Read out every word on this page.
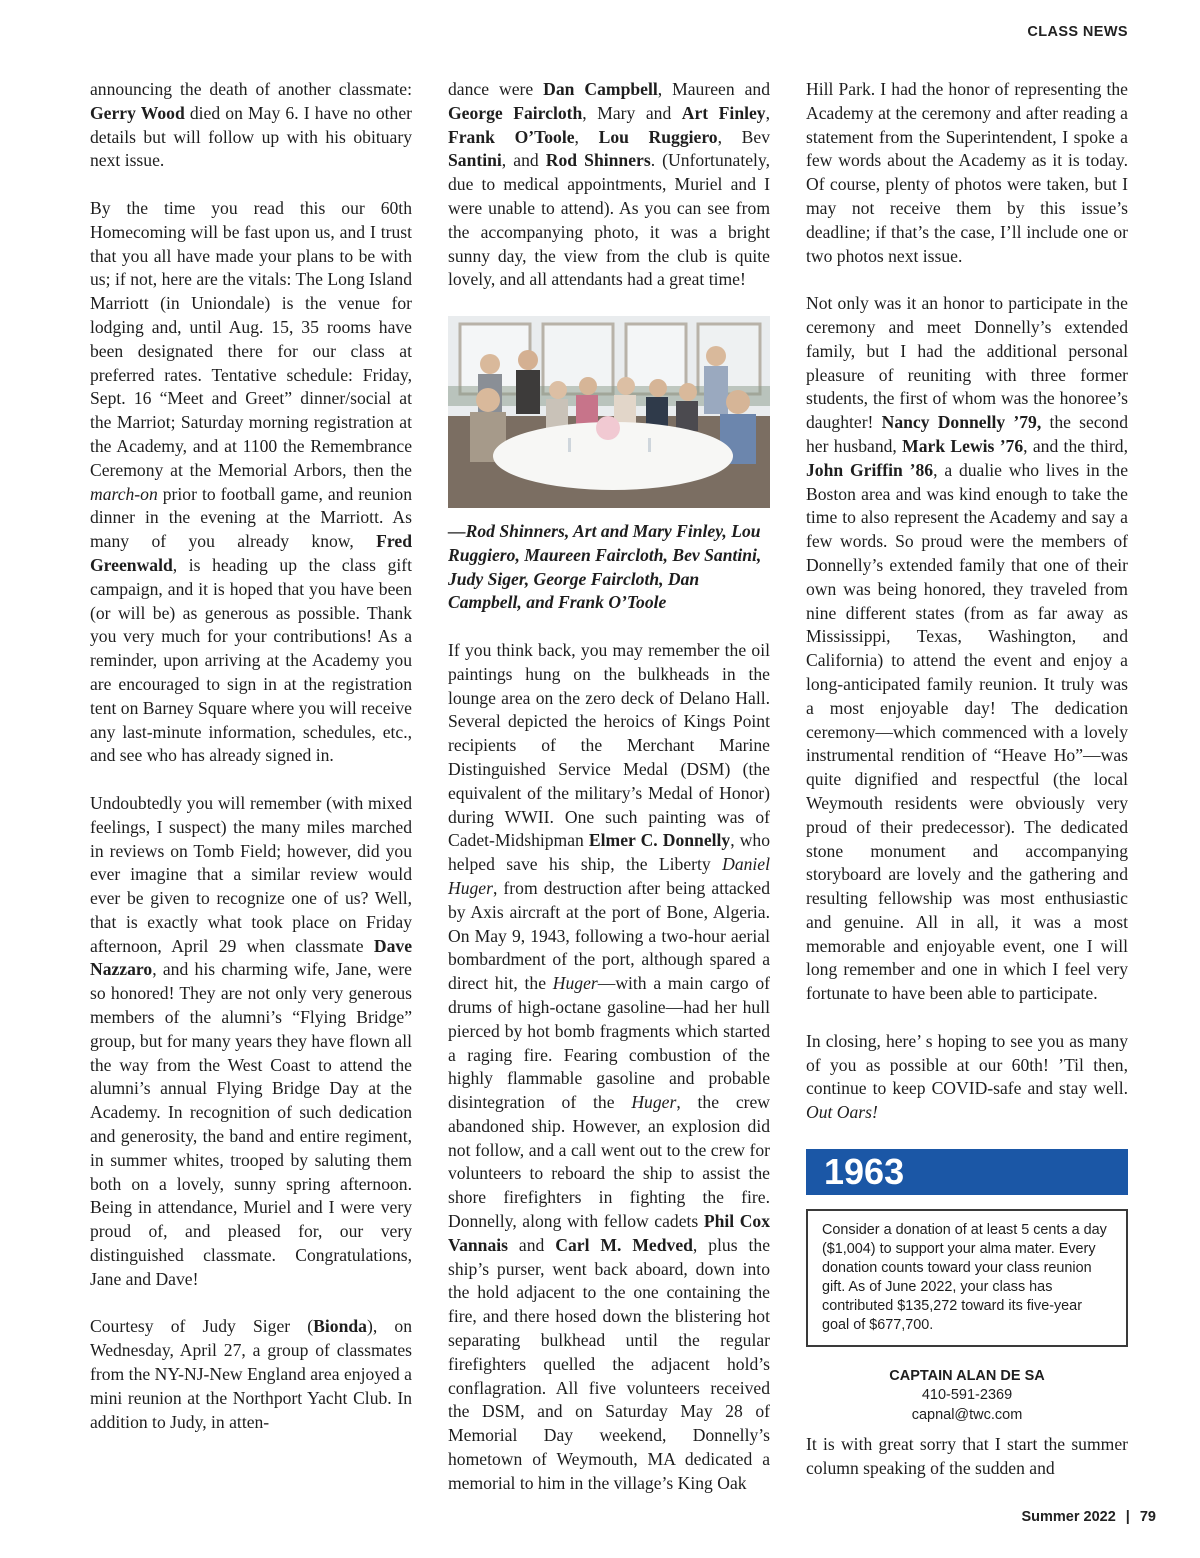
CLASS NEWS

announcing the death of another classmate: Gerry Wood died on May 6. I have no other details but will follow up with his obituary next issue.

By the time you read this our 60th Homecoming will be fast upon us, and I trust that you all have made your plans to be with us; if not, here are the vitals: The Long Island Marriott (in Uniondale) is the venue for lodging and, until Aug. 15, 35 rooms have been designated there for our class at preferred rates. Tentative schedule: Friday, Sept. 16 “Meet and Greet” dinner/social at the Marriot; Saturday morning registration at the Academy, and at 1100 the Remembrance Ceremony at the Memorial Arbors, then the march-on prior to football game, and reunion dinner in the evening at the Marriott. As many of you already know, Fred Greenwald, is heading up the class gift campaign, and it is hoped that you have been (or will be) as generous as possible. Thank you very much for your contributions! As a reminder, upon arriving at the Academy you are encouraged to sign in at the registration tent on Barney Square where you will receive any last-minute information, schedules, etc., and see who has already signed in.

Undoubtedly you will remember (with mixed feelings, I suspect) the many miles marched in reviews on Tomb Field; however, did you ever imagine that a similar review would ever be given to recognize one of us? Well, that is exactly what took place on Friday afternoon, April 29 when classmate Dave Nazzaro, and his charming wife, Jane, were so honored! They are not only very generous members of the alumni’s “Flying Bridge” group, but for many years they have flown all the way from the West Coast to attend the alumni’s annual Flying Bridge Day at the Academy. In recognition of such dedication and generosity, the band and entire regiment, in summer whites, trooped by saluting them both on a lovely, sunny spring afternoon. Being in attendance, Muriel and I were very proud of, and pleased for, our very distinguished classmate. Congratulations, Jane and Dave!

Courtesy of Judy Siger (Bionda), on Wednesday, April 27, a group of classmates from the NY-NJ-New England area enjoyed a mini reunion at the Northport Yacht Club. In addition to Judy, in atten-

dance were Dan Campbell, Maureen and George Faircloth, Mary and Art Finley, Frank O’Toole, Lou Ruggiero, Bev Santini, and Rod Shinners. (Unfortunately, due to medical appointments, Muriel and I were unable to attend). As you can see from the accompanying photo, it was a bright sunny day, the view from the club is quite lovely, and all attendants had a great time!

—Rod Shinners, Art and Mary Finley, Lou Ruggiero, Maureen Faircloth, Bev Santini, Judy Siger, George Faircloth, Dan Campbell, and Frank O’Toole

If you think back, you may remember the oil paintings hung on the bulkheads in the lounge area on the zero deck of Delano Hall. Several depicted the heroics of Kings Point recipients of the Merchant Marine Distinguished Service Medal (DSM) (the equivalent of the military’s Medal of Honor) during WWII. One such painting was of Cadet-Midshipman Elmer C. Donnelly, who helped save his ship, the Liberty Daniel Huger, from destruction after being attacked by Axis aircraft at the port of Bone, Algeria. On May 9, 1943, following a two-hour aerial bombardment of the port, although spared a direct hit, the Huger—with a main cargo of drums of high-octane gasoline—had her hull pierced by hot bomb fragments which started a raging fire. Fearing combustion of the highly flammable gasoline and probable disintegration of the Huger, the crew abandoned ship. However, an explosion did not follow, and a call went out to the crew for volunteers to reboard the ship to assist the shore firefighters in fighting the fire. Donnelly, along with fellow cadets Phil Cox Vannais and Carl M. Medved, plus the ship’s purser, went back aboard, down into the hold adjacent to the one containing the fire, and there hosed down the blistering hot separating bulkhead until the regular firefighters quelled the adjacent hold’s conflagration. All five volunteers received the DSM, and on Saturday May 28 of Memorial Day weekend, Donnelly’s hometown of Weymouth, MA dedicated a memorial to him in the village’s King Oak

Hill Park. I had the honor of representing the Academy at the ceremony and after reading a statement from the Superintendent, I spoke a few words about the Academy as it is today. Of course, plenty of photos were taken, but I may not receive them by this issue’s deadline; if that’s the case, I’ll include one or two photos next issue.

Not only was it an honor to participate in the ceremony and meet Donnelly’s extended family, but I had the additional personal pleasure of reuniting with three former students, the first of whom was the honoree’s daughter! Nancy Donnelly ’79, the second her husband, Mark Lewis ’76, and the third, John Griffin ’86, a dualie who lives in the Boston area and was kind enough to take the time to also represent the Academy and say a few words. So proud were the members of Donnelly’s extended family that one of their own was being honored, they traveled from nine different states (from as far away as Mississippi, Texas, Washington, and California) to attend the event and enjoy a long-anticipated family reunion. It truly was a most enjoyable day! The dedication ceremony—which commenced with a lovely instrumental rendition of “Heave Ho”—was quite dignified and respectful (the local Weymouth residents were obviously very proud of their predecessor). The dedicated stone monument and accompanying storyboard are lovely and the gathering and resulting fellowship was most enthusiastic and genuine. All in all, it was a most memorable and enjoyable event, one I will long remember and one in which I feel very fortunate to have been able to participate.

In closing, here’ s hoping to see you as many of you as possible at our 60th! ’Til then, continue to keep COVID-safe and stay well. Out Oars!

1963
Consider a donation of at least 5 cents a day ($1,004) to support your alma mater. Every donation counts toward your class reunion gift. As of June 2022, your class has contributed $135,272 toward its five-year goal of $677,700.
CAPTAIN ALAN DE SA
410-591-2369
capnal@twc.com

It is with great sorry that I start the summer column speaking of the sudden and

Summer 2022 | 79
